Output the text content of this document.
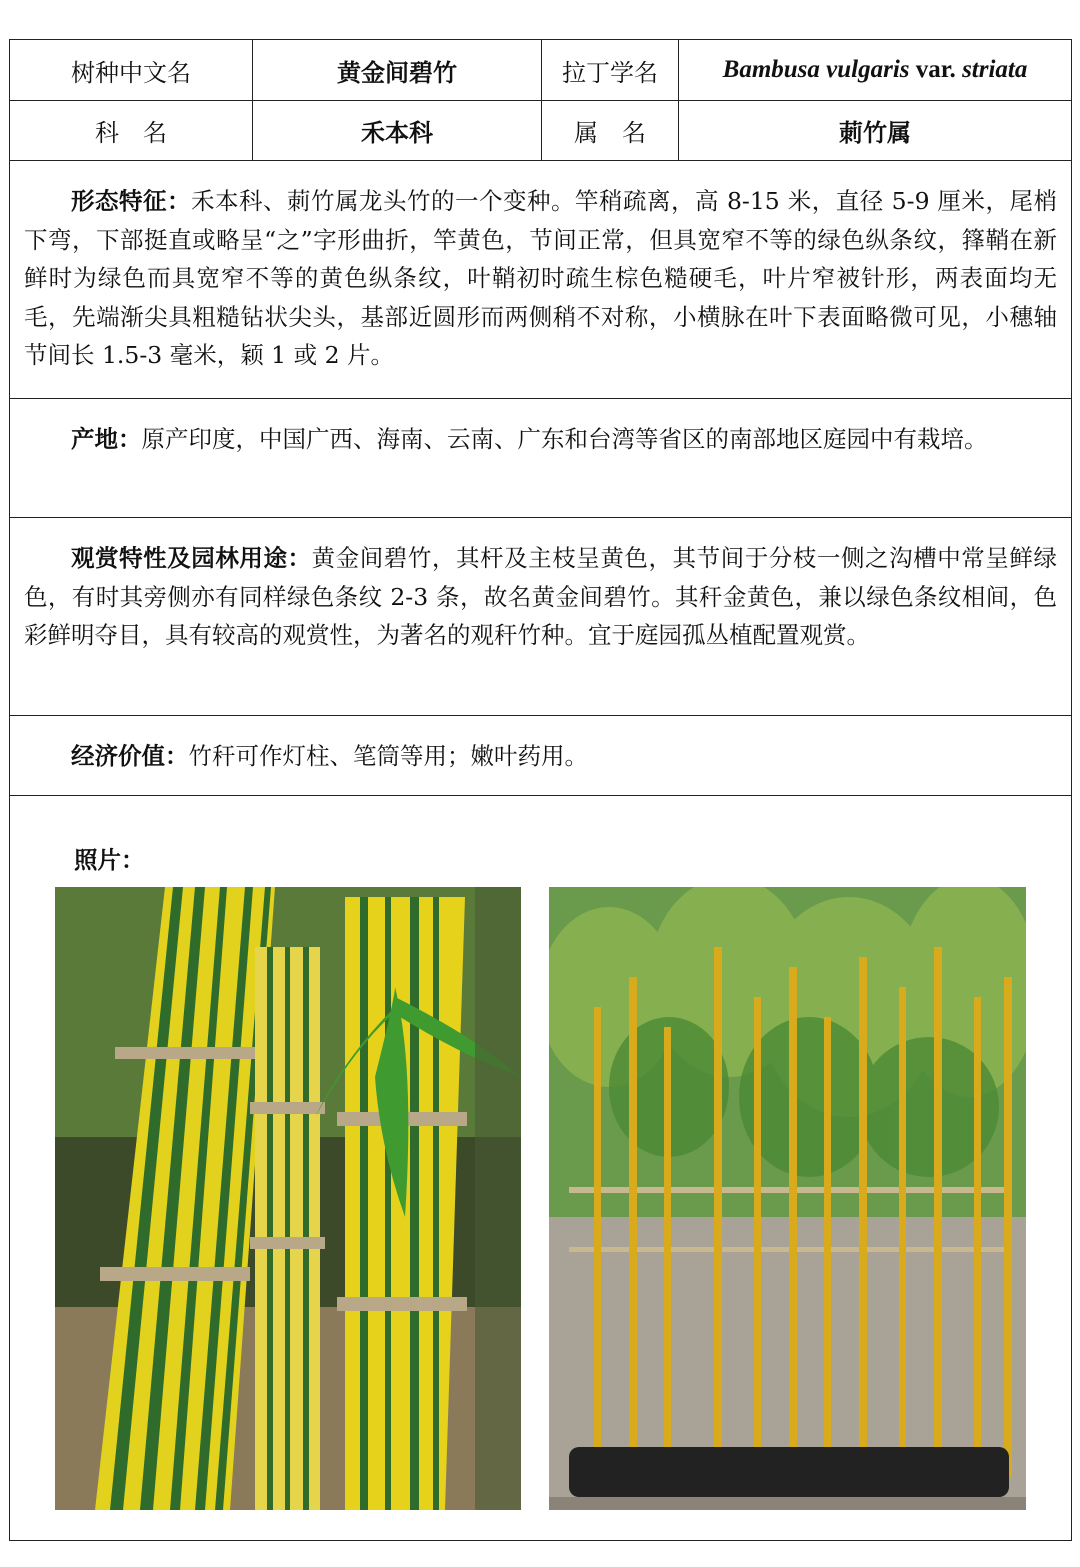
树种中文名	黄金间碧竹	拉丁学名	Bambusa vulgaris var. striata
科　名	禾本科	属　名	莿竹属

形态特征：禾本科、莿竹属龙头竹的一个变种。竿稍疏离，高 8-15 米，直径 5-9 厘米，尾梢下弯，下部挺直或略呈“之”字形曲折，竿黄色，节间正常，但具宽窄不等的绿色纵条纹，箨鞘在新鲜时为绿色而具宽窄不等的黄色纵条纹，叶鞘初时疏生棕色糙硬毛，叶片窄被针形，两表面均无毛，先端渐尖具粗糙钻状尖头，基部近圆形而两侧稍不对称，小横脉在叶下表面略微可见，小穗轴节间长 1.5-3 毫米，颖 1 或 2 片。

产地：原产印度，中国广西、海南、云南、广东和台湾等省区的南部地区庭园中有栽培。

观赏特性及园林用途：黄金间碧竹，其杆及主枝呈黄色，其节间于分枝一侧之沟槽中常呈鲜绿色，有时其旁侧亦有同样绿色条纹 2-3 条，故名黄金间碧竹。其秆金黄色，兼以绿色条纹相间，色彩鲜明夺目，具有较高的观赏性，为著名的观秆竹种。宜于庭园孤丛植配置观赏。

经济价值：竹秆可作灯柱、笔筒等用；嫩叶药用。

照片：
